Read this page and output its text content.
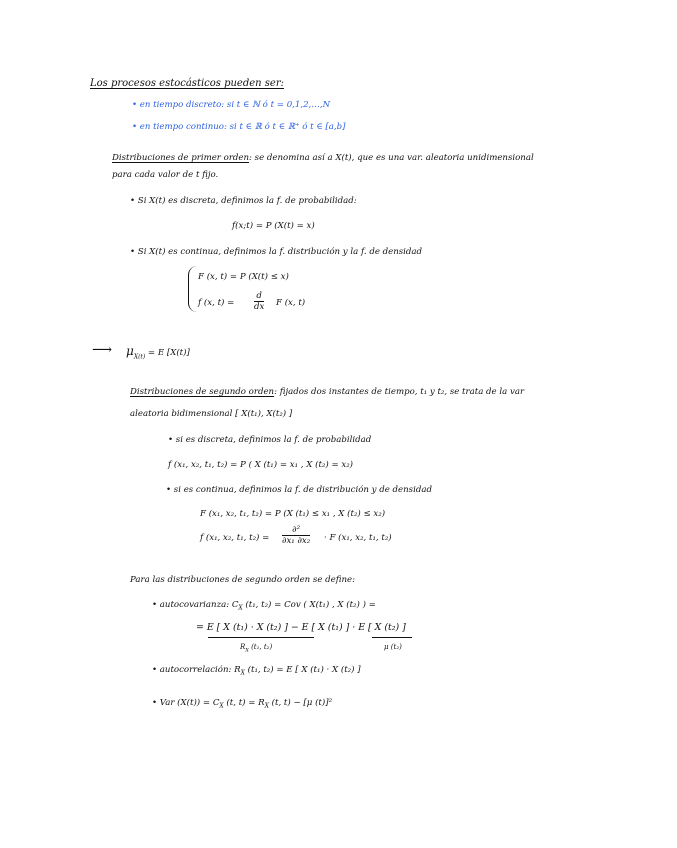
Los procesos estocásticos pueden ser:
• en tiempo discreto: si t ∈ ℕ ó t = 0,1,2,…,N
• en tiempo continuo: si t ∈ ℝ ó t ∈ ℝ⁺ ó t ∈ [a,b]
Distribuciones de primer orden: se denomina así a X(t), que es una var. aleatoria unidimensional
para cada valor de t fijo.
• Si X(t) es discreta, definimos la f. de probabilidad:
f(x;t) = P (X(t) = x)
• Si X(t) es continua, definimos la f. distribución y la f. de densidad
F (x, t) = P (X(t) ≤ x)
f (x, $t) = \frac{d}{dx}$ F (x, t)
⟶ $\mu_{X(t)} = E$ [X(t)]
Distribuciones de segundo orden: fijados dos instantes de tiempo, t₁ y t₂, se trata de la var
aleatoria bidimensional [ X(t₁), X(t₂) ]
• si es discreta, definimos la f. de probabilidad
f (x₁, x₂, t₁, t₂) = P ( X (t₁) = x₁ , X (t₂) = x₂)
• si es continua, definimos la f. de distribución y de densidad
F (x₁, x₂, t₁, t₂) = P (X (t₁) ≤ x₁ , X (t₂) ≤ x₂)
f (x₁, x₂, t₁, t₂) =
∂²
∂x₁ ∂x₂ · F (x₁, x₂, t₁, t₂)
Para las distribuciones de segundo orden se define:
• autocovarianza: $C_X$ (t₁, t₂) = Cov ( X(t₁) , X (t₂) ) =
= E [ X (t₁) · X (t₂) ] − E [ X (t₁) ] · E [ X (t₂) ]
$R_X$ (t₁, t₂)	μ (t₂)
• autocorrelación: $R_X$ (t₁, t₂) = E [ X (t₁) · X (t₂) ]
• Var $(X(t)) = C_X$ (t, $t) = R_X$ (t, t) − [μ (t)]²
